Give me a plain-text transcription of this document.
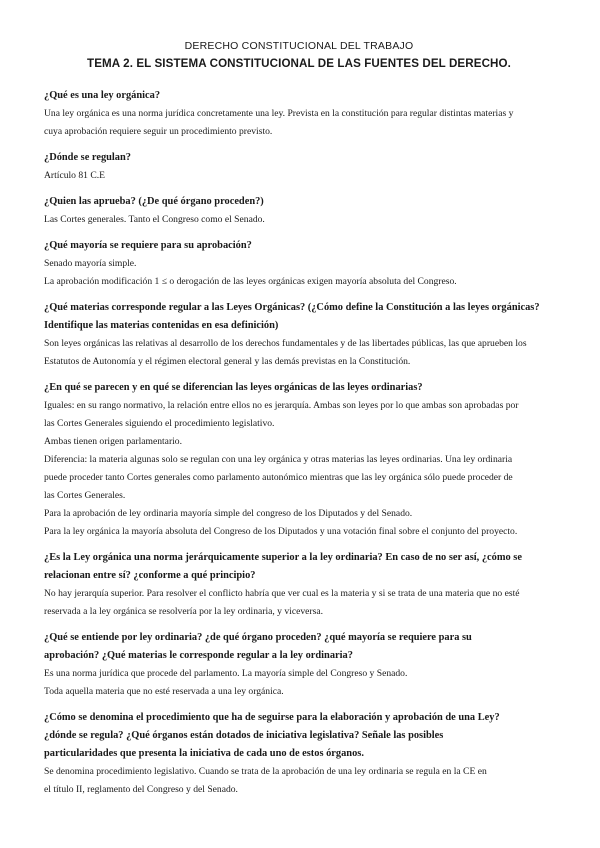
DERECHO CONSTITUCIONAL DEL TRABAJO
TEMA 2. EL SISTEMA CONSTITUCIONAL DE LAS FUENTES DEL DERECHO.
¿Qué es una ley orgánica?
Una ley orgánica es una norma jurídica concretamente una ley. Prevista en la constitución para regular distintas materias y
cuya aprobación requiere seguir un procedimiento previsto.
¿Dónde se regulan?
Artículo 81 C.E
¿Quien las aprueba? (¿De qué órgano proceden?)
Las Cortes generales. Tanto el Congreso como el Senado.
¿Qué mayoría se requiere para su aprobación?
Senado mayoría simple.
La aprobación modificación 1 ≤ o derogación de las leyes orgánicas exigen mayoría absoluta del Congreso.
¿Qué materias corresponde regular a las Leyes Orgánicas? (¿Cómo define la Constitución a las leyes orgánicas?
Identifique las materias contenidas en esa definición)
Son leyes orgánicas las relativas al desarrollo de los derechos fundamentales y de las libertades públicas, las que aprueben los
Estatutos de Autonomía y el régimen electoral general y las demás previstas en la Constitución.
¿En qué se parecen y en qué se diferencian las leyes orgánicas de las leyes ordinarias?
Iguales: en su rango normativo, la relación entre ellos no es jerarquía. Ambas son leyes por lo que ambas son aprobadas por
las Cortes Generales siguiendo el procedimiento legislativo.
Ambas tienen origen parlamentario.
Diferencia: la materia algunas solo se regulan con una ley orgánica y otras materias las leyes ordinarias. Una ley ordinaria
puede proceder tanto Cortes generales como parlamento autonómico mientras que las ley orgánica sólo puede proceder de
las Cortes Generales.
Para la aprobación de ley ordinaria mayoría simple del congreso de los Diputados y del Senado.
Para la ley orgánica la mayoría absoluta del Congreso de los Diputados y una votación final sobre el conjunto del proyecto.
¿Es la Ley orgánica una norma jerárquicamente superior a la ley ordinaria? En caso de no ser así, ¿cómo se
relacionan entre sí? ¿conforme a qué principio?
No hay jerarquía superior. Para resolver el conflicto habría que ver cual es la materia y si se trata de una materia que no esté
reservada a la ley orgánica se resolvería por la ley ordinaria, y viceversa.
¿Qué se entiende por ley ordinaria? ¿de qué órgano proceden? ¿qué mayoría se requiere para su
aprobación? ¿Qué materias le corresponde regular a la ley ordinaria?
Es una norma jurídica que procede del parlamento. La mayoría simple del Congreso y Senado.
Toda aquella materia que no esté reservada a una ley orgánica.
¿Cómo se denomina el procedimiento que ha de seguirse para la elaboración y aprobación de una Ley?
¿dónde se regula? ¿Qué órganos están dotados de iniciativa legislativa? Señale las posibles
particularidades que presenta la iniciativa de cada uno de estos órganos.
Se denomina procedimiento legislativo. Cuando se trata de la aprobación de una ley ordinaria se regula en la CE en
el título II, reglamento del Congreso y del Senado.
